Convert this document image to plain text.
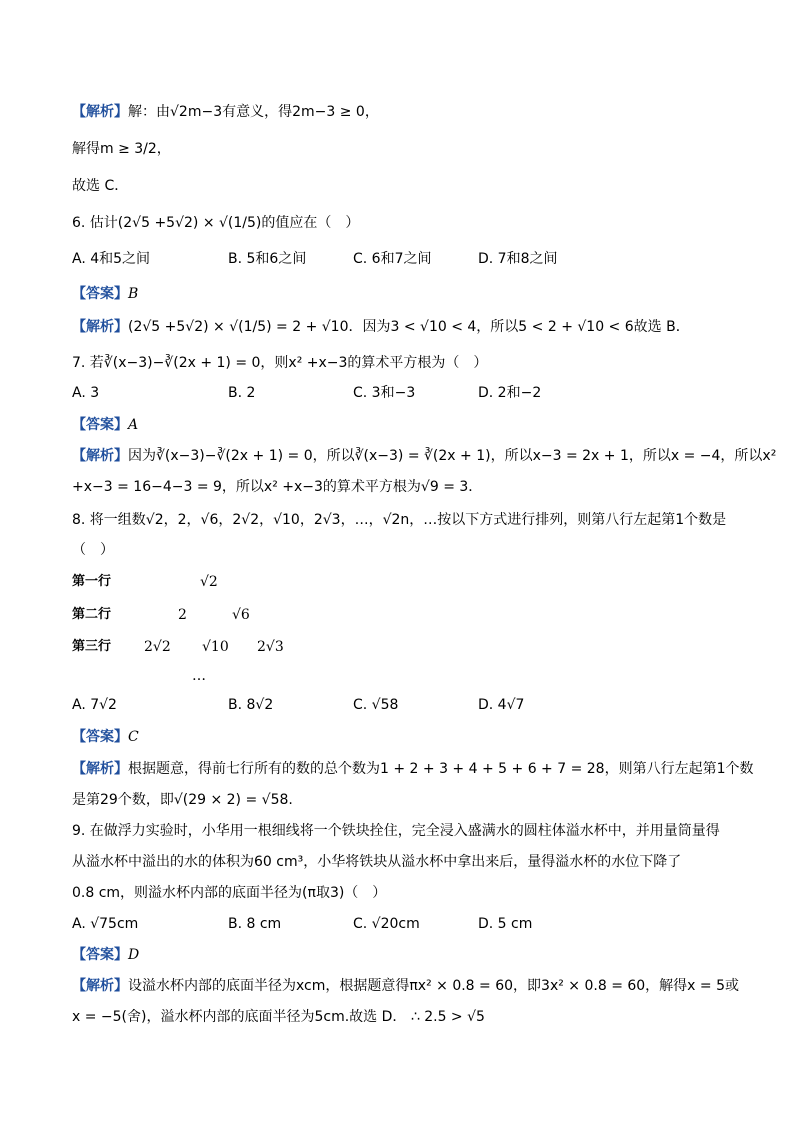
【解析】解：由√2m−3有意义，得2m−3 ≥ 0，
解得m ≥ 3/2，
故选 C．
6. 估计(2√5 +5√2) × √(1/5)的值应在（　）
A. 4和5之间	B. 5和6之间	C. 6和7之间	D. 7和8之间
【答案】B
【解析】(2√5 +5√2) × √(1/5) = 2 + √10．因为3 < √10 < 4，所以5 < 2 + √10 < 6故选 B．
7. 若∛(x−3)−∛(2x + 1) = 0，则x² +x−3的算术平方根为（　）
A. 3	B. 2	C. 3和−3	D. 2和−2
【答案】A
【解析】因为∛(x−3)−∛(2x + 1) = 0，所以∛(x−3) = ∛(2x + 1)，所以x−3 = 2x + 1，所以x = −4，所以x²
+x−3 = 16−4−3 = 9，所以x² +x−3的算术平方根为√9 = 3．
8. 将一组数√2，2，√6，2√2，√10，2√3，…，√2n，…按以下方式进行排列，则第八行左起第1个数是
（　）
第一行	√2
第二行	2	√6
第三行 2√2 √10 2√3
…
A. 7√2	B. 8√2	C. √58	D. 4√7
【答案】C
【解析】根据题意，得前七行所有的数的总个数为1 + 2 + 3 + 4 + 5 + 6 + 7 = 28，则第八行左起第1个数
是第29个数，即√(29 × 2) = √58.
9. 在做浮力实验时，小华用一根细线将一个铁块拴住，完全浸入盛满水的圆柱体溢水杯中，并用量筒量得
从溢水杯中溢出的水的体积为60 cm³，小华将铁块从溢水杯中拿出来后，量得溢水杯的水位下降了
0.8 cm，则溢水杯内部的底面半径为(π取3)（　）
A. √75cm	B. 8 cm	C. √20cm	D. 5 cm
【答案】D
【解析】设溢水杯内部的底面半径为xcm，根据题意得πx² × 0.8 = 60，即3x² × 0.8 = 60，解得x = 5或
x = −5(舍)，溢水杯内部的底面半径为5cm.故选 D． ∴ 2.5 > √5
